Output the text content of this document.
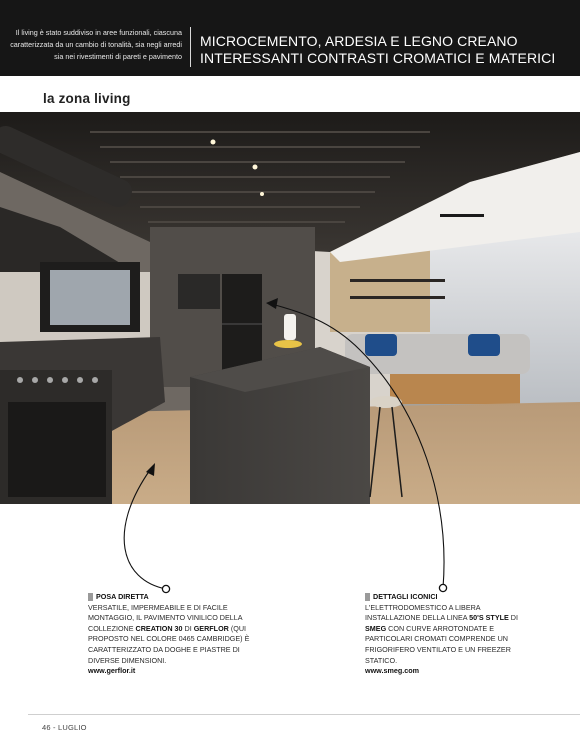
Il living è stato suddiviso in aree funzionali, ciascuna caratterizzata da un cambio di tonalità, sia negli arredi sia nei rivestimenti di pareti e pavimento
MICROCEMENTO, ARDESIA E LEGNO CREANO INTERESSANTI CONTRASTI CROMATICI E MATERICI
la zona living
POSA DIRETTA
VERSATILE, IMPERMEABILE E DI FACILE MONTAGGIO, IL PAVIMENTO VINILICO DELLA COLLEZIONE CREATION 30 DI GERFLOR (QUI PROPOSTO NEL COLORE 0465 CAMBRIDGE) È CARATTERIZZATO DA DOGHE E PIASTRE DI DIVERSE DIMENSIONI.
www.gerflor.it
DETTAGLI ICONICI
L'ELETTRODOMESTICO A LIBERA INSTALLAZIONE DELLA LINEA 50'S STYLE DI SMEG CON CURVE ARROTONDATE E PARTICOLARI CROMATI COMPRENDE UN FRIGORIFERO VENTILATO E UN FREEZER STATICO.
www.smeg.com
46 - LUGLIO
